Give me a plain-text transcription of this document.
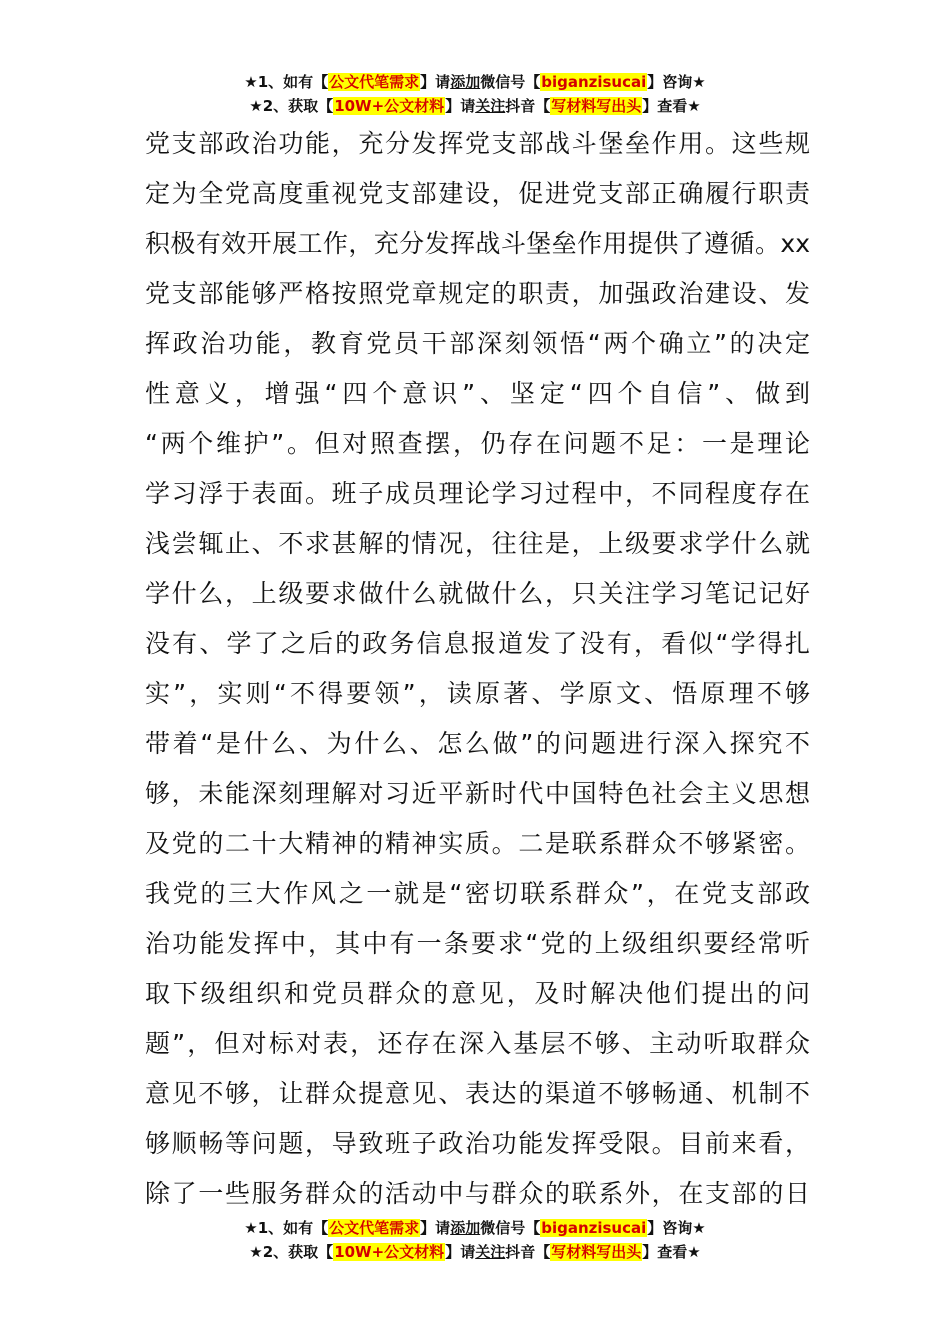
★1、如有【公文代笔需求】请添加微信号【biganzisucai】咨询★
★2、获取【10W+公文材料】请关注抖音【写材料写出头】查看★
党支部政治功能，充分发挥党支部战斗堡垒作用。这些规
定为全党高度重视党支部建设，促进党支部正确履行职责
积极有效开展工作，充分发挥战斗堡垒作用提供了遵循。xx
党支部能够严格按照党章规定的职责，加强政治建设、发
挥政治功能，教育党员干部深刻领悟“两个确立”的决定
性意义，增强“四个意识”、坚定“四个自信”、做到
“两个维护”。但对照查摆，仍存在问题不足：一是理论
学习浮于表面。班子成员理论学习过程中，不同程度存在
浅尝辄止、不求甚解的情况，往往是，上级要求学什么就
学什么，上级要求做什么就做什么，只关注学习笔记记好
没有、学了之后的政务信息报道发了没有，看似“学得扎
实”，实则“不得要领”，读原著、学原文、悟原理不够
带着“是什么、为什么、怎么做”的问题进行深入探究不
够，未能深刻理解对习近平新时代中国特色社会主义思想
及党的二十大精神的精神实质。二是联系群众不够紧密。
我党的三大作风之一就是“密切联系群众”，在党支部政
治功能发挥中，其中有一条要求“党的上级组织要经常听
取下级组织和党员群众的意见，及时解决他们提出的问
题”，但对标对表，还存在深入基层不够、主动听取群众
意见不够，让群众提意见、表达的渠道不够畅通、机制不
够顺畅等问题，导致班子政治功能发挥受限。目前来看，
除了一些服务群众的活动中与群众的联系外，在支部的日
★1、如有【公文代笔需求】请添加微信号【biganzisucai】咨询★
★2、获取【10W+公文材料】请关注抖音【写材料写出头】查看★
